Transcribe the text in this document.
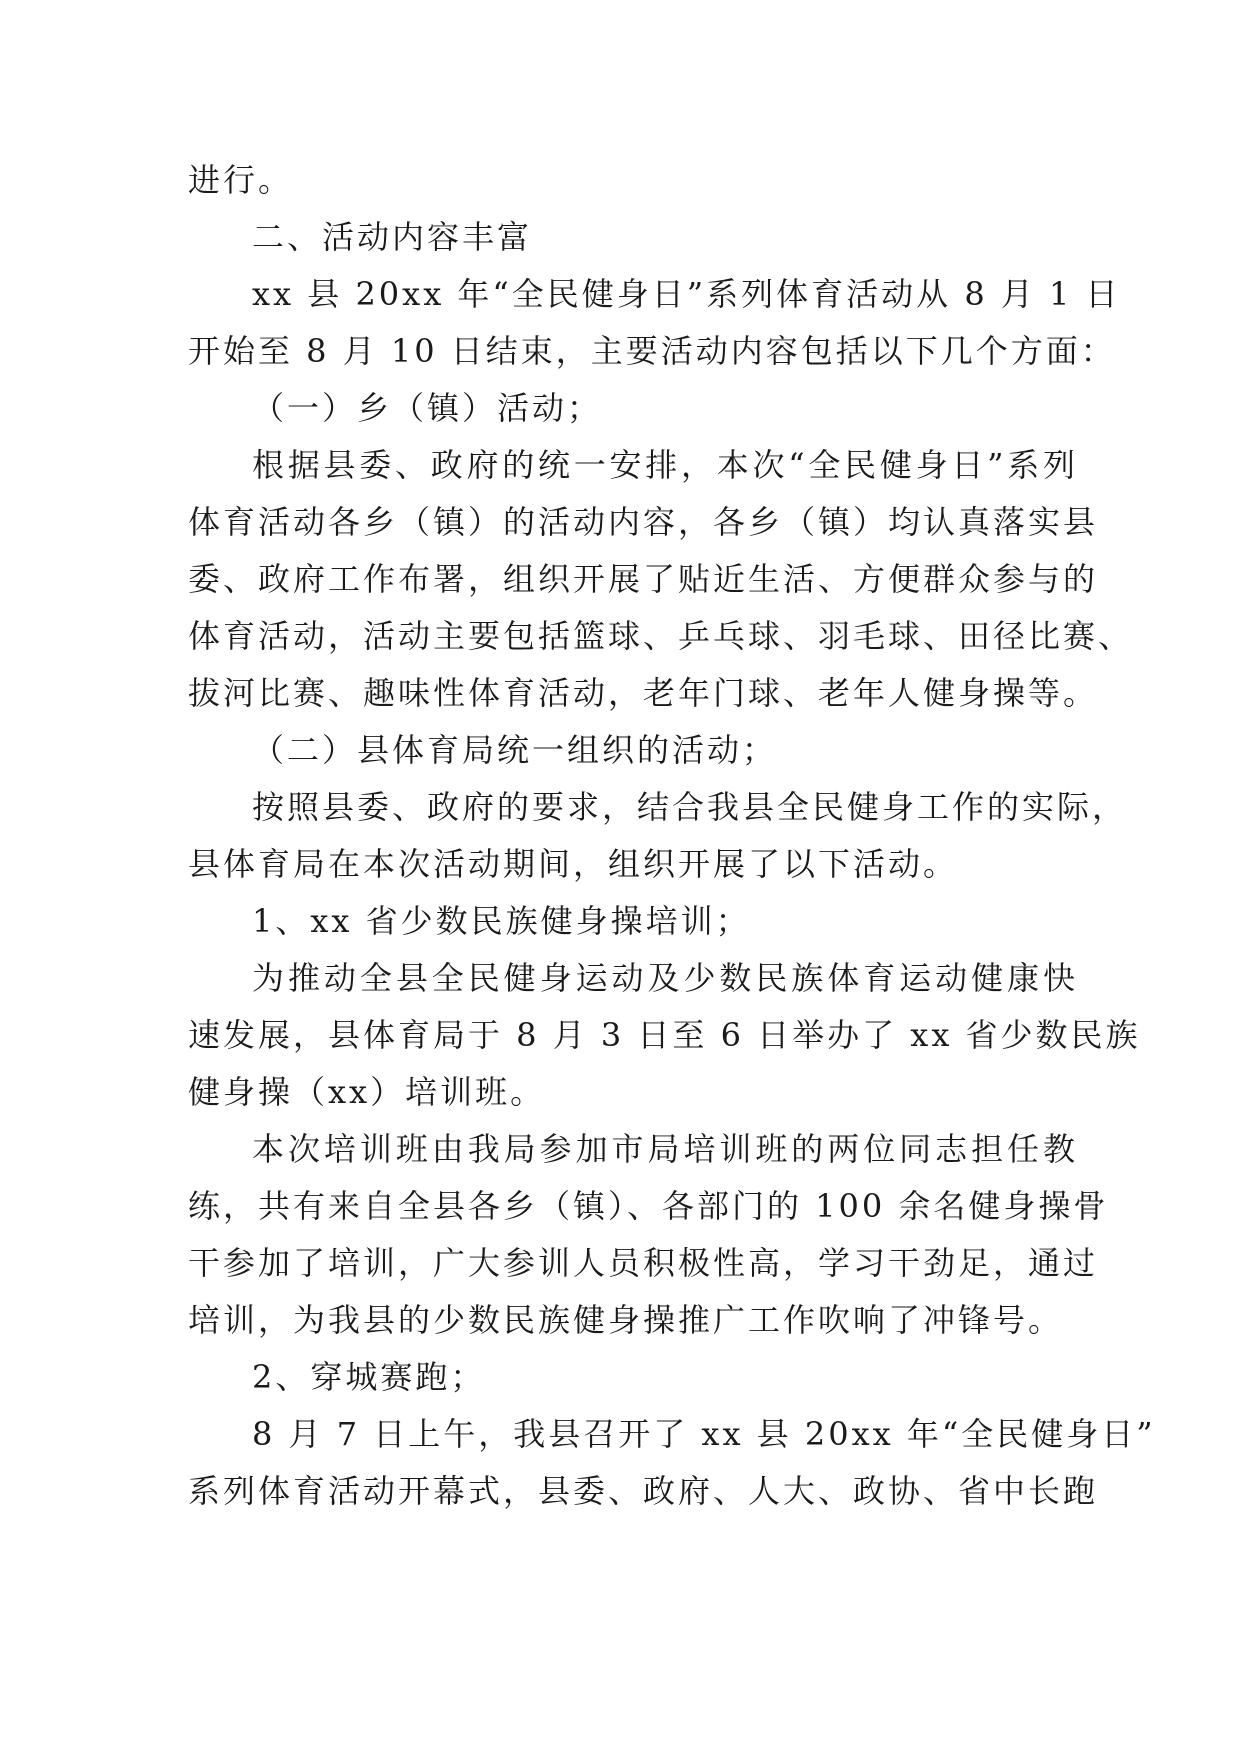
进行。
二、活动内容丰富
xx 县 20xx 年“全民健身日”系列体育活动从 8 月 1 日
开始至 8 月 10 日结束，主要活动内容包括以下几个方面：
（一）乡（镇）活动；
根据县委、政府的统一安排，本次“全民健身日”系列
体育活动各乡（镇）的活动内容，各乡（镇）均认真落实县
委、政府工作布署，组织开展了贴近生活、方便群众参与的
体育活动，活动主要包括篮球、乒乓球、羽毛球、田径比赛、
拔河比赛、趣味性体育活动，老年门球、老年人健身操等。
（二）县体育局统一组织的活动；
按照县委、政府的要求，结合我县全民健身工作的实际，
县体育局在本次活动期间，组织开展了以下活动。
1、xx 省少数民族健身操培训；
为推动全县全民健身运动及少数民族体育运动健康快
速发展，县体育局于 8 月 3 日至 6 日举办了 xx 省少数民族
健身操（xx）培训班。
本次培训班由我局参加市局培训班的两位同志担任教
练，共有来自全县各乡（镇）、各部门的 100 余名健身操骨
干参加了培训，广大参训人员积极性高，学习干劲足，通过
培训，为我县的少数民族健身操推广工作吹响了冲锋号。
2、穿城赛跑；
8 月 7 日上午，我县召开了 xx 县 20xx 年“全民健身日”
系列体育活动开幕式，县委、政府、人大、政协、省中长跑
